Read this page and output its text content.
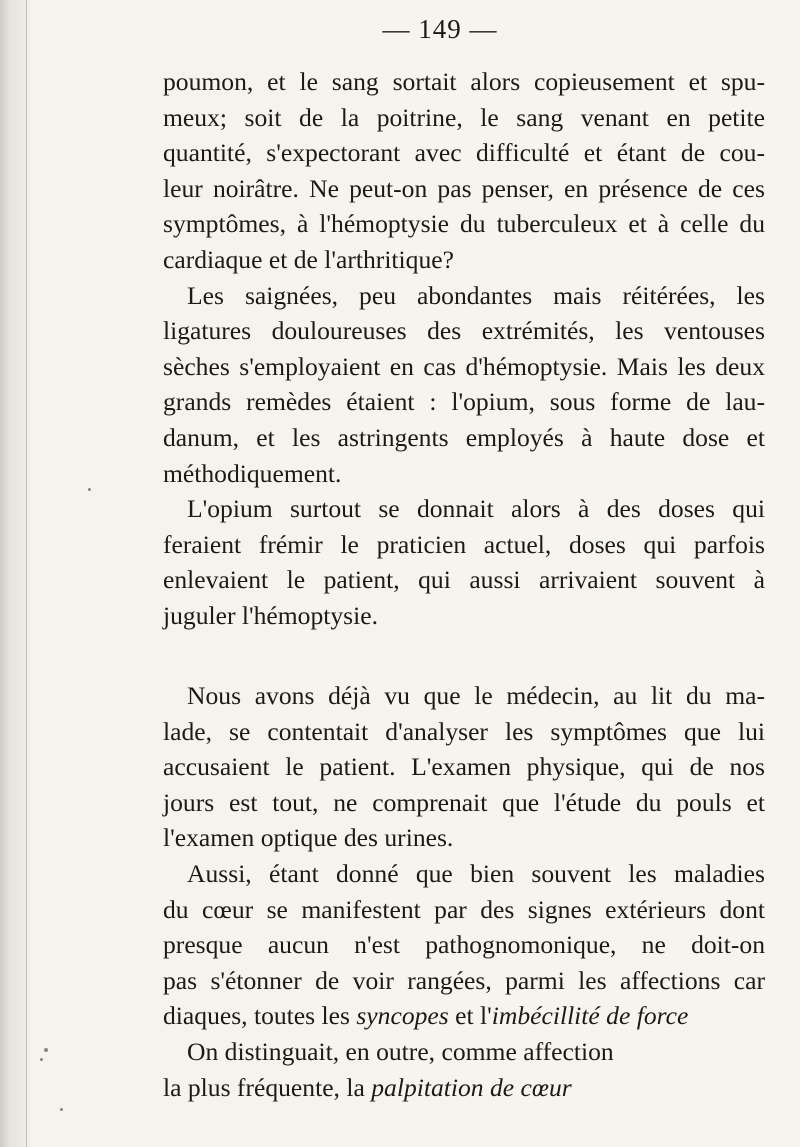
— 149 —
poumon, et le sang sortait alors copieusement et spu-
meux; soit de la poitrine, le sang venant en petite
quantité, s'expectorant avec difficulté et étant de cou-
leur noirâtre. Ne peut-on pas penser, en présence de ces
symptômes, à l'hémoptysie du tuberculeux et à celle du
cardiaque et de l'arthritique?
Les saignées, peu abondantes mais réitérées, les
ligatures douloureuses des extrémités, les ventouses
sèches s'employaient en cas d'hémoptysie. Mais les deux
grands remèdes étaient : l'opium, sous forme de lau-
danum, et les astringents employés à haute dose et
méthodiquement.
L'opium surtout se donnait alors à des doses qui
feraient frémir le praticien actuel, doses qui parfois
enlevaient le patient, qui aussi arrivaient souvent à
juguler l'hémoptysie.
Nous avons déjà vu que le médecin, au lit du ma-
lade, se contentait d'analyser les symptômes que lui
accusaient le patient. L'examen physique, qui de nos
jours est tout, ne comprenait que l'étude du pouls et
l'examen optique des urines.
Aussi, étant donné que bien souvent les maladies
du cœur se manifestent par des signes extérieurs dont
presque aucun n'est pathognomonique, ne doit-on
pas s'étonner de voir rangées, parmi les affections car
diaques, toutes les syncopes et l'imbécillité de force
On distinguait, en outre, comme affection
la plus fréquente, la palpitation de cœur
